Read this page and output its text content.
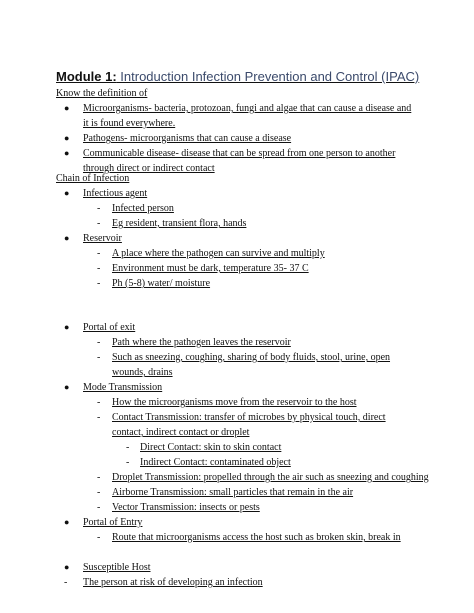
Module 1: Introduction Infection Prevention and Control (IPAC)
Know the definition of
● Microorganisms- bacteria, protozoan, fungi and algae that can cause a disease and it is found everywhere.
● Pathogens- microorganisms that can cause a disease
● Communicable disease- disease that can be spread from one person to another through direct or indirect contact
Chain of Infection
● Infectious agent
- Infected person
- Eg resident, transient flora, hands
● Reservoir
- A place where the pathogen can survive and multiply
- Environment must be dark, temperature 35- 37 C
- Ph (5-8) water/ moisture
● Portal of exit
- Path where the pathogen leaves the reservoir
- Such as sneezing, coughing, sharing of body fluids, stool, urine, open wounds, drains
● Mode Transmission
- How the microorganisms move from the reservoir to the host
- Contact Transmission: transfer of microbes by physical touch, direct contact, indirect contact or droplet
- Direct Contact: skin to skin contact
- Indirect Contact: contaminated object
- Droplet Transmission: propelled through the air such as sneezing and coughing
- Airborne Transmission: small particles that remain in the air
- Vector Transmission: insects or pests
● Portal of Entry
- Route that microorganisms access the host such as broken skin, break in
● Susceptible Host
- The person at risk of developing an infection
